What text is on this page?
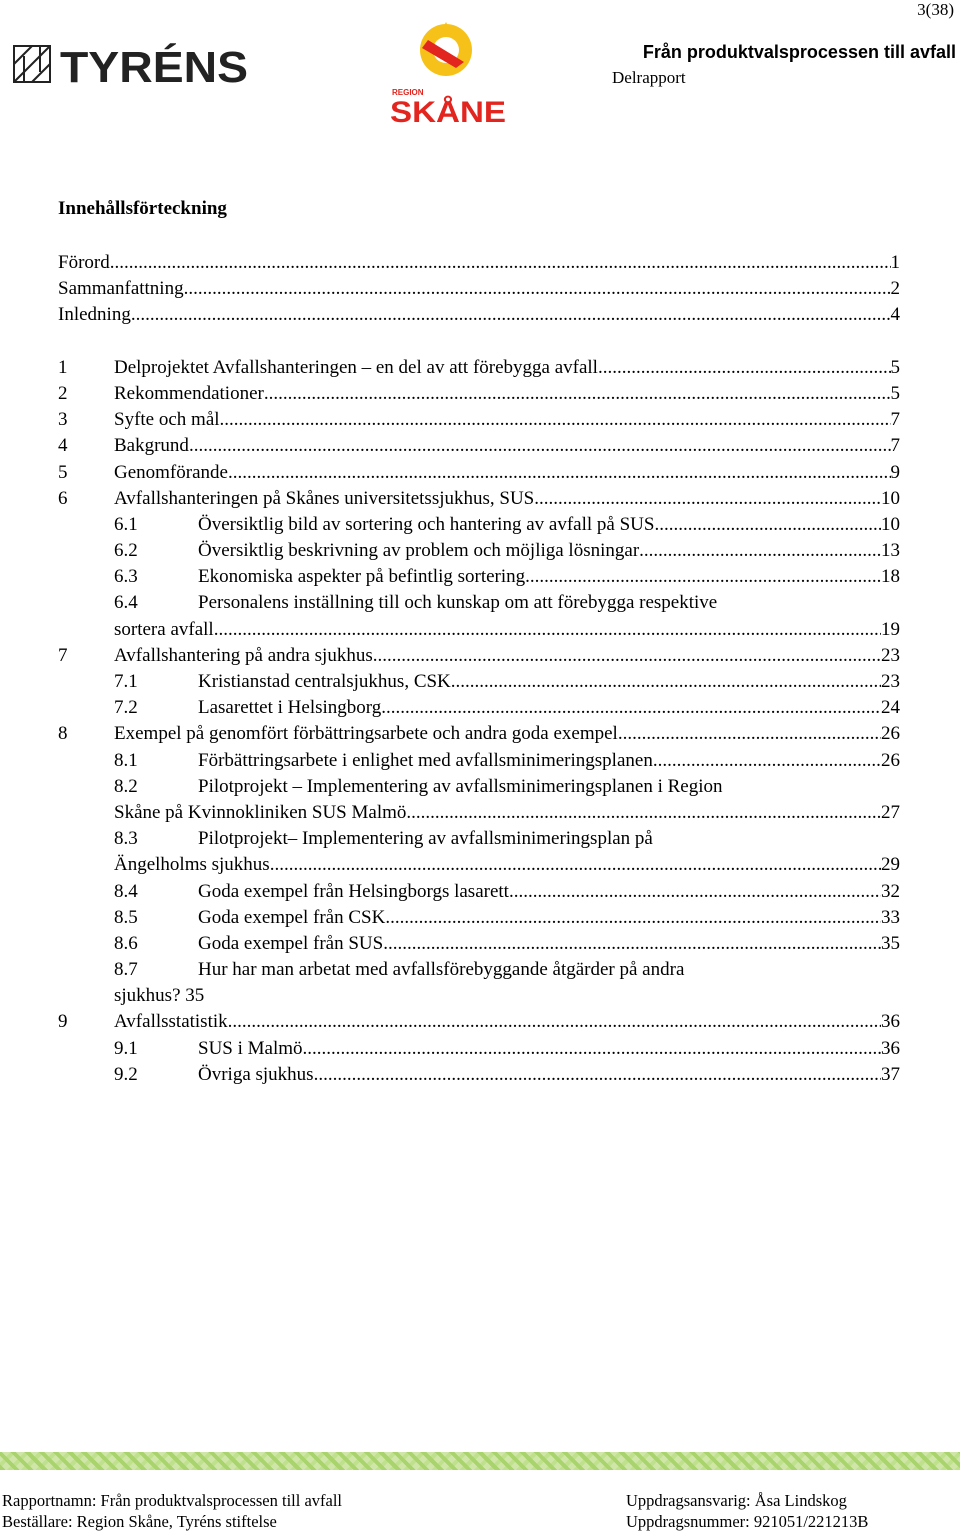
3(38)
TYRÉNS
REGION
SKÅNE
Från produktvalsprocessen till avfall
Delrapport
Innehållsförteckning
Förord .....	1
Sammanfattning .....	2
Inledning .....	4
1	Delprojektet Avfallshanteringen – en del av att förebygga avfall .....	5
2	Rekommendationer .....	5
3	Syfte och mål .....	7
4	Bakgrund .....	7
5	Genomförande .....	9
6	Avfallshanteringen på Skånes universitetssjukhus, SUS .....	10
6.1	Översiktlig bild av sortering och hantering av avfall på SUS .....	10
6.2	Översiktlig beskrivning av problem och möjliga lösningar .....	13
6.3	Ekonomiska aspekter på befintlig sortering .....	18
6.4	Personalens inställning till och kunskap om att förebygga respektive
sortera avfall .....	19
7	Avfallshantering på andra sjukhus .....	23
7.1	Kristianstad centralsjukhus, CSK .....	23
7.2	Lasarettet i Helsingborg .....	24
8	Exempel på genomfört förbättringsarbete och andra goda exempel .....	26
8.1	Förbättringsarbete i enlighet med avfallsminimeringsplanen .....	26
8.2	Pilotprojekt – Implementering av avfallsminimeringsplanen i Region
Skåne på Kvinnokliniken SUS Malmö .....	27
8.3	Pilotprojekt– Implementering av avfallsminimeringsplan på
Ängelholms sjukhus .....	29
8.4	Goda exempel från Helsingborgs lasarett .....	32
8.5	Goda exempel från CSK .....	33
8.6	Goda exempel från SUS .....	35
8.7	Hur har man arbetat med avfallsförebyggande åtgärder på andra
sjukhus? 35
9	Avfallsstatistik .....	36
9.1	SUS i Malmö .....	36
9.2	Övriga sjukhus .....	37
Rapportnamn: Från produktvalsprocessen till avfall	Uppdragsansvarig: Åsa Lindskog
Beställare: Region Skåne, Tyréns stiftelse	Uppdragsnummer: 921051/221213B
